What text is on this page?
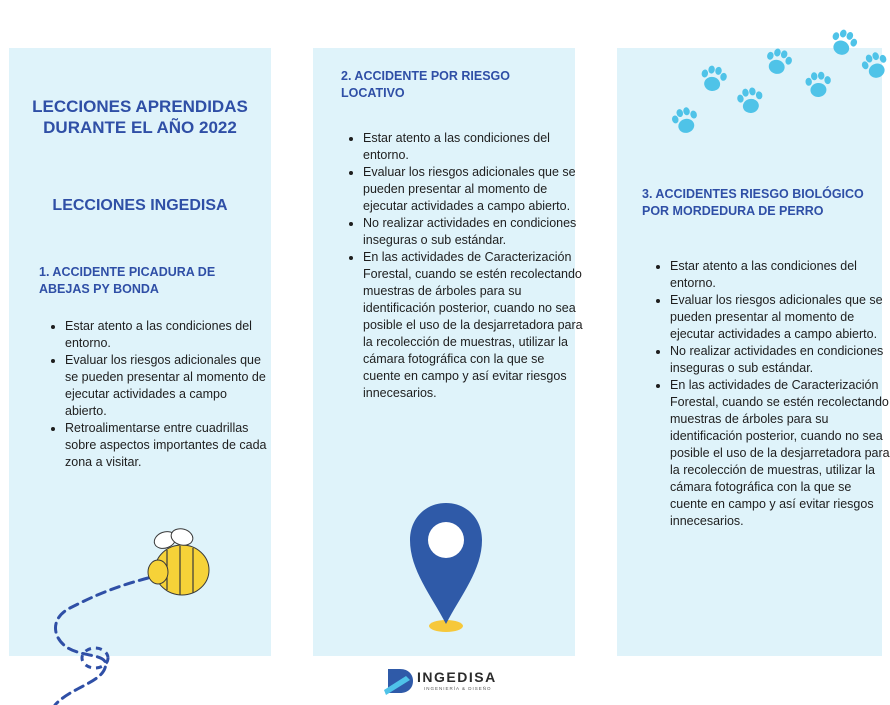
LECCIONES APRENDIDAS DURANTE EL AÑO 2022
LECCIONES INGEDISA
1. ACCIDENTE PICADURA DE ABEJAS PY BONDA
• Estar atento a las condiciones del entorno.
• Evaluar los riesgos adicionales que se pueden presentar al momento de ejecutar actividades a campo abierto.
• Retroalimentarse entre cuadrillas sobre aspectos importantes de cada zona a visitar.
2. ACCIDENTE POR RIESGO LOCATIVO
• Estar atento a las condiciones del entorno.
• Evaluar los riesgos adicionales que se pueden presentar al momento de ejecutar actividades a campo abierto.
• No realizar actividades en condiciones inseguras o sub estándar.
• En las actividades de Caracterización Forestal, cuando se estén recolectando muestras de árboles para su identificación posterior, cuando no sea posible el uso de la desjarretadora para la recolección de muestras, utilizar la cámara fotográfica con la que se cuente en campo y así evitar riesgos innecesarios.
3. ACCIDENTES RIESGO BIOLÓGICO POR MORDEDURA DE PERRO
• Estar atento a las condiciones del entorno.
• Evaluar los riesgos adicionales que se pueden presentar al momento de ejecutar actividades a campo abierto.
• No realizar actividades en condiciones inseguras o sub estándar.
• En las actividades de Caracterización Forestal, cuando se estén recolectando muestras de árboles para su identificación posterior, cuando no sea posible el uso de la desjarretadora para la recolección de muestras, utilizar la cámara fotográfica con la que se cuente en campo y así evitar riesgos innecesarios.
INGEDISA
INGENIERÍA & DISEÑO
